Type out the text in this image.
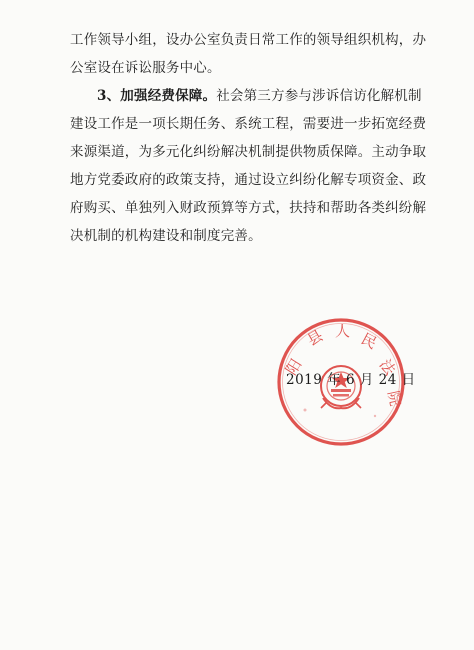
工作领导小组，设办公室负责日常工作的领导组织机构，办
公室设在诉讼服务中心。
3、加强经费保障。社会第三方参与涉诉信访化解机制
建设工作是一项长期任务、系统工程，需要进一步拓宽经费
来源渠道，为多元化纠纷解决机制提供物质保障。主动争取
地方党委政府的政策支持，通过设立纠纷化解专项资金、政
府购买、单独列入财政预算等方式，扶持和帮助各类纠纷解
决机制的机构建设和制度完善。
阳
县 人 民
法
院
2019 年 6 月 24 日
